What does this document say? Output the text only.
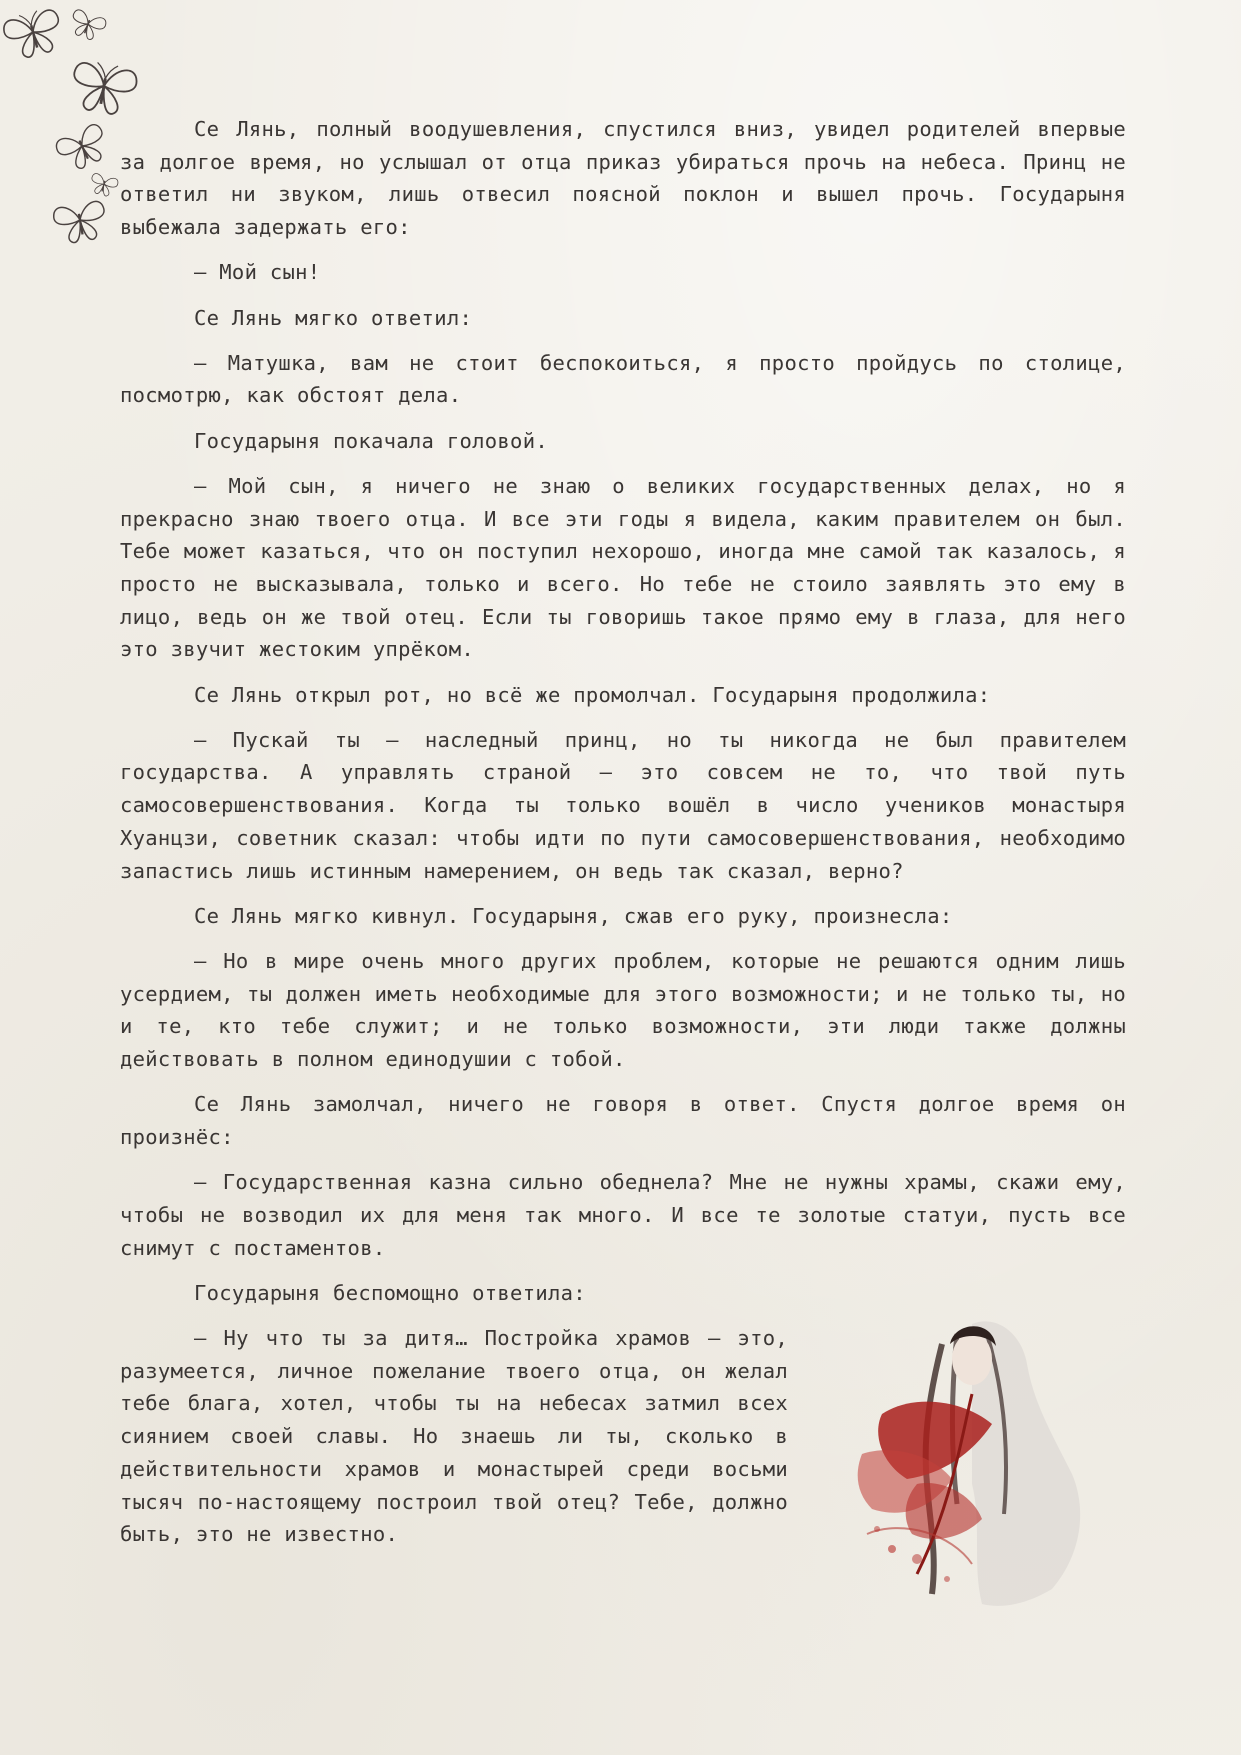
Се Лянь, полный воодушевления, спустился вниз, увидел родителей впервые за долгое время, но услышал от отца приказ убираться прочь на небеса. Принц не ответил ни звуком, лишь отвесил поясной поклон и вышел прочь. Государыня выбежала задержать его:

— Мой сын!

Се Лянь мягко ответил:

— Матушка, вам не стоит беспокоиться, я просто пройдусь по столице, посмотрю, как обстоят дела.

Государыня покачала головой.

— Мой сын, я ничего не знаю о великих государственных делах, но я прекрасно знаю твоего отца. И все эти годы я видела, каким правителем он был. Тебе может казаться, что он поступил нехорошо, иногда мне самой так казалось, я просто не высказывала, только и всего. Но тебе не стоило заявлять это ему в лицо, ведь он же твой отец. Если ты говоришь такое прямо ему в глаза, для него это звучит жестоким упрёком.

Се Лянь открыл рот, но всё же промолчал. Государыня продолжила:

— Пускай ты — наследный принц, но ты никогда не был правителем государства. А управлять страной — это совсем не то, что твой путь самосовершенствования. Когда ты только вошёл в число учеников монастыря Хуанцзи, советник сказал: чтобы идти по пути самосовершенствования, необходимо запастись лишь истинным намерением, он ведь так сказал, верно?

Се Лянь мягко кивнул. Государыня, сжав его руку, произнесла:

— Но в мире очень много других проблем, которые не решаются одним лишь усердием, ты должен иметь необходимые для этого возможности; и не только ты, но и те, кто тебе служит; и не только возможности, эти люди также должны действовать в полном единодушии с тобой.

Се Лянь замолчал, ничего не говоря в ответ. Спустя долгое время он произнёс:

— Государственная казна сильно обеднела? Мне не нужны храмы, скажи ему, чтобы не возводил их для меня так много. И все те золотые статуи, пусть все снимут с постаментов.

Государыня беспомощно ответила:

— Ну что ты за дитя… Постройка храмов — это, разумеется, личное пожелание твоего отца, он желал тебе блага, хотел, чтобы ты на небесах затмил всех сиянием своей славы. Но знаешь ли ты, сколько в действительности храмов и монастырей среди восьми тысяч по-настоящему построил твой отец? Тебе, должно быть, это не известно.
